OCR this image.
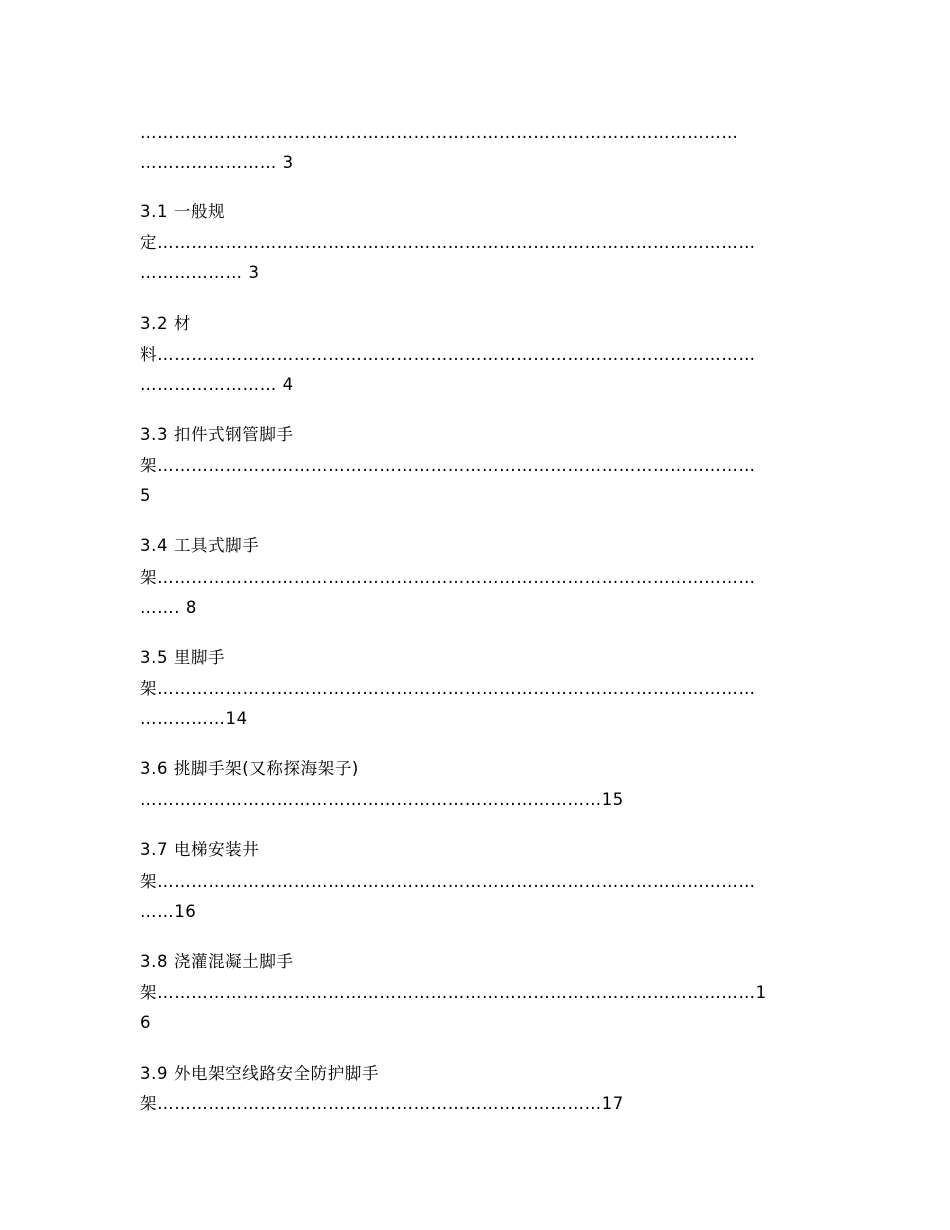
……………………………………………………………………………………………
…………………… 3
3.1 一般规
定……………………………………………………………………………………………
……………… 3
3.2 材
料……………………………………………………………………………………………
…………………… 4
3.3 扣件式钢管脚手
架……………………………………………………………………………………………
5
3.4 工具式脚手
架……………………………………………………………………………………………
……. 8
3.5 里脚手
架……………………………………………………………………………………………
……………14
3.6 挑脚手架(又称探海架子)
………………………………………………………………………15
3.7 电梯安装井
架……………………………………………………………………………………………
……16
3.8 浇灌混凝土脚手
架……………………………………………………………………………………………1
6
3.9 外电架空线路安全防护脚手
架……………………………………………………………………17
